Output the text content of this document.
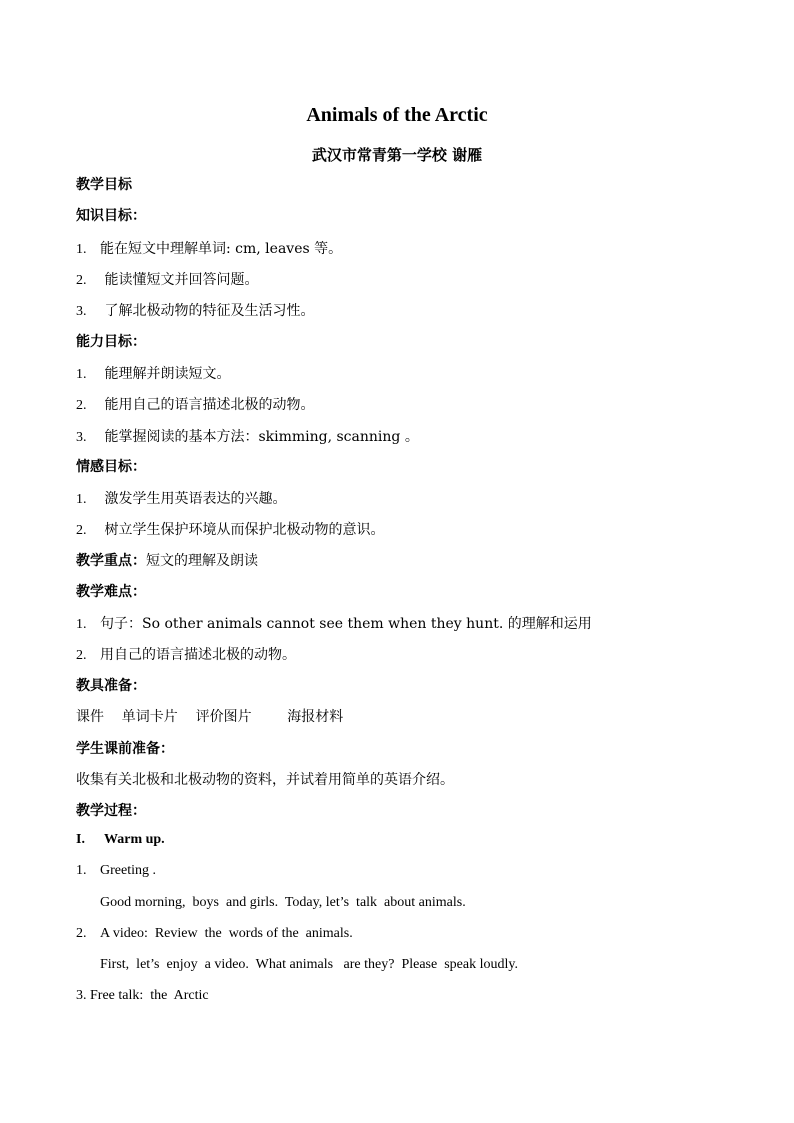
Animals of the Arctic
武汉市常青第一学校 谢雁
教学目标
知识目标：
1. 能在短文中理解单词: cm, leaves 等。
2. 能读懂短文并回答问题。
3. 了解北极动物的特征及生活习性。
能力目标：
1. 能理解并朗读短文。
2. 能用自己的语言描述北极的动物。
3. 能掌握阅读的基本方法：skimming, scanning 。
情感目标：
1. 激发学生用英语表达的兴趣。
2. 树立学生保护环境从而保护北极动物的意识。
教学重点：短文的理解及朗读
教学难点：
1. 句子：So other animals cannot see them when they hunt. 的理解和运用
2. 用自己的语言描述北极的动物。
教具准备：
课件    单词卡片    评价图片        海报材料
学生课前准备：
收集有关北极和北极动物的资料，并试着用简单的英语介绍。
教学过程：
I. Warm up.
1. Greeting .
Good morning,  boys  and girls.  Today, let’s  talk  about animals.
2. A video:  Review  the  words of the  animals.
First,  let’s  enjoy  a video.  What animals   are they?  Please  speak loudly.
3. Free talk:  the  Arctic
